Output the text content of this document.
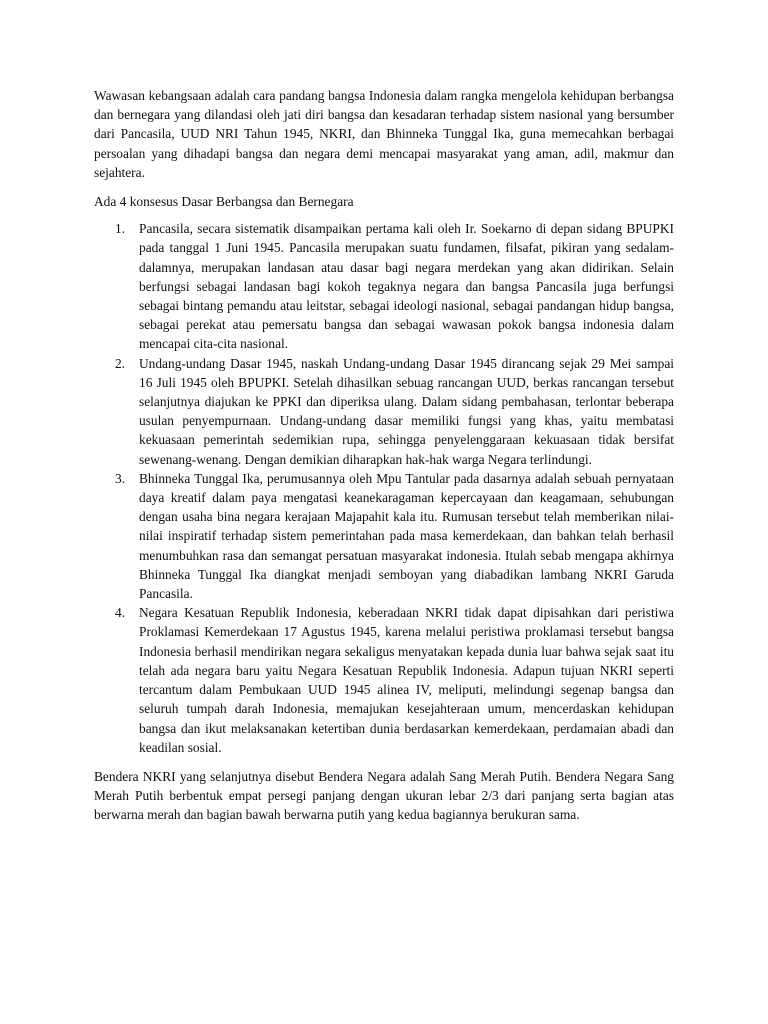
Wawasan kebangsaan adalah cara pandang bangsa Indonesia dalam rangka mengelola kehidupan berbangsa dan bernegara yang dilandasi oleh jati diri bangsa dan kesadaran terhadap sistem nasional yang bersumber dari Pancasila, UUD NRI Tahun 1945, NKRI, dan Bhinneka Tunggal Ika, guna memecahkan berbagai persoalan yang dihadapi bangsa dan negara demi mencapai masyarakat yang aman, adil, makmur dan sejahtera.

Ada 4 konsesus Dasar Berbangsa dan Bernegara

1. Pancasila, secara sistematik disampaikan pertama kali oleh Ir. Soekarno di depan sidang BPUPKI pada tanggal 1 Juni 1945. Pancasila merupakan suatu fundamen, filsafat, pikiran yang sedalam-dalamnya, merupakan landasan atau dasar bagi negara merdekan yang akan didirikan. Selain berfungsi sebagai landasan bagi kokoh tegaknya negara dan bangsa Pancasila juga berfungsi sebagai bintang pemandu atau leitstar, sebagai ideologi nasional, sebagai pandangan hidup bangsa, sebagai perekat atau pemersatu bangsa dan sebagai wawasan pokok bangsa indonesia dalam mencapai cita-cita nasional.
2. Undang-undang Dasar 1945, naskah Undang-undang Dasar 1945 dirancang sejak 29 Mei sampai 16 Juli 1945 oleh BPUPKI. Setelah dihasilkan sebuag rancangan UUD, berkas rancangan tersebut selanjutnya diajukan ke PPKI dan diperiksa ulang. Dalam sidang pembahasan, terlontar beberapa usulan penyempurnaan. Undang-undang dasar memiliki fungsi yang khas, yaitu membatasi kekuasaan pemerintah sedemikian rupa, sehingga penyelenggaraan kekuasaan tidak bersifat sewenang-wenang. Dengan demikian diharapkan hak-hak warga Negara terlindungi.
3. Bhinneka Tunggal Ika, perumusannya oleh Mpu Tantular pada dasarnya adalah sebuah pernyataan daya kreatif dalam paya mengatasi keanekaragaman kepercayaan dan keagamaan, sehubungan dengan usaha bina negara kerajaan Majapahit kala itu. Rumusan tersebut telah memberikan nilai-nilai inspiratif terhadap sistem pemerintahan pada masa kemerdekaan, dan bahkan telah berhasil menumbuhkan rasa dan semangat persatuan masyarakat indonesia. Itulah sebab mengapa akhirnya Bhinneka Tunggal Ika diangkat menjadi semboyan yang diabadikan lambang NKRI Garuda Pancasila.
4. Negara Kesatuan Republik Indonesia, keberadaan NKRI tidak dapat dipisahkan dari peristiwa Proklamasi Kemerdekaan 17 Agustus 1945, karena melalui peristiwa proklamasi tersebut bangsa Indonesia berhasil mendirikan negara sekaligus menyatakan kepada dunia luar bahwa sejak saat itu telah ada negara baru yaitu Negara Kesatuan Republik Indonesia. Adapun tujuan NKRI seperti tercantum dalam Pembukaan UUD 1945 alinea IV, meliputi, melindungi segenap bangsa dan seluruh tumpah darah Indonesia, memajukan kesejahteraan umum, mencerdaskan kehidupan bangsa dan ikut melaksanakan ketertiban dunia berdasarkan kemerdekaan, perdamaian abadi dan keadilan sosial.

Bendera NKRI yang selanjutnya disebut Bendera Negara adalah Sang Merah Putih. Bendera Negara Sang Merah Putih berbentuk empat persegi panjang dengan ukuran lebar 2/3 dari panjang serta bagian atas berwarna merah dan bagian bawah berwarna putih yang kedua bagiannya berukuran sama.
